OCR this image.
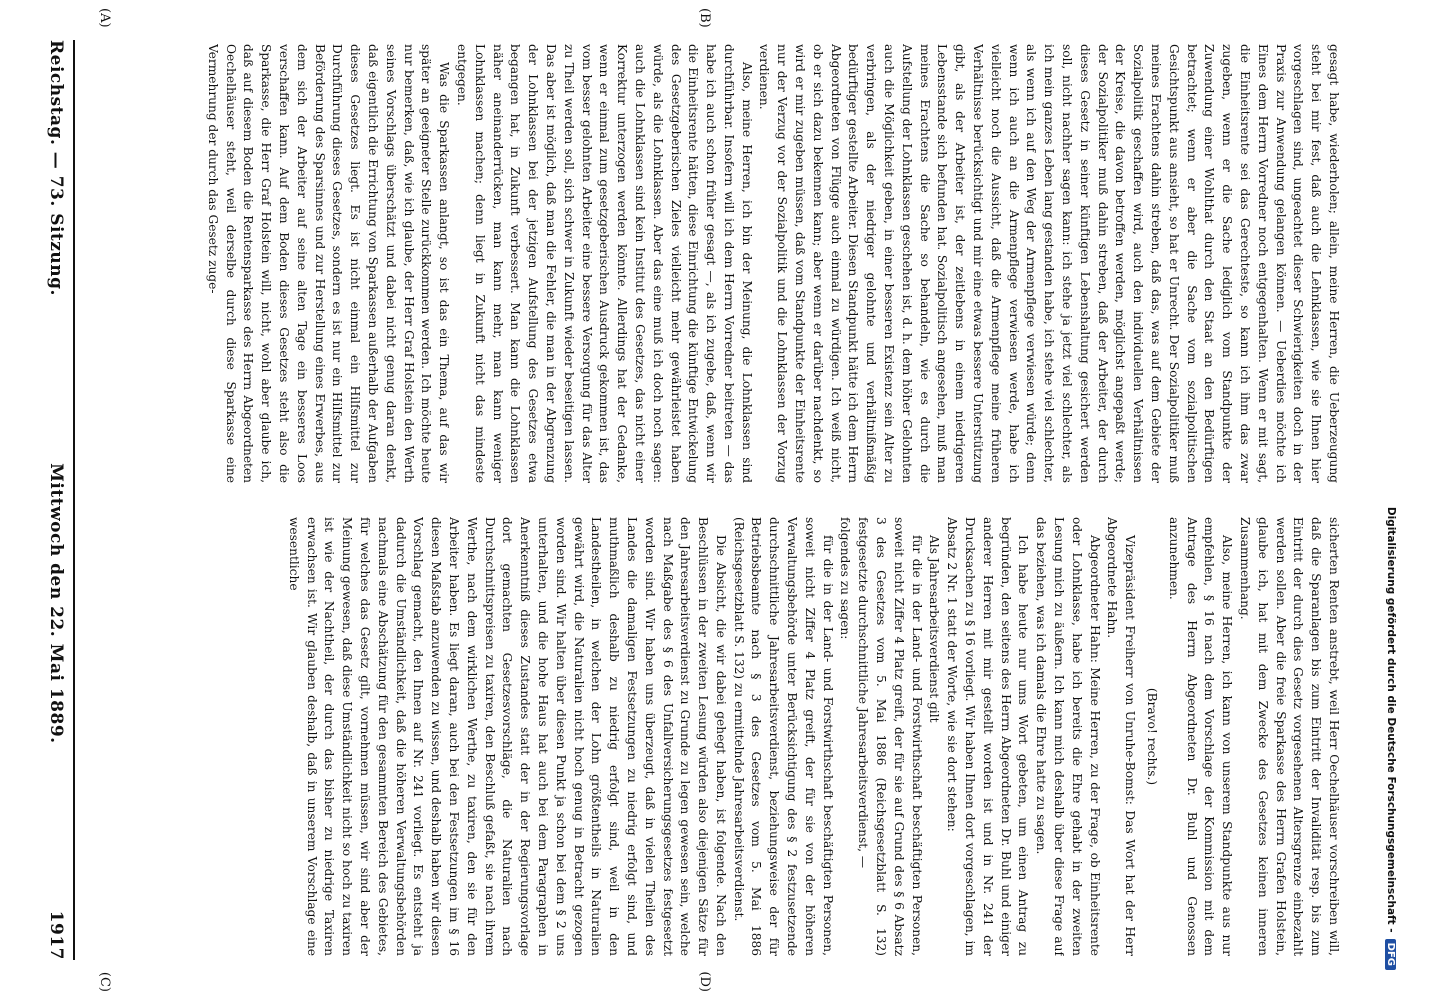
Digitalisierung gefördert durch die Deutsche Forschungsgemeinschaft -
DFG
Reichstag. — 73. Sitzung.
Mittwoch den 22. Mai 1889.
1917
(A)	(B)
(C)	(D)

gesagt habe, wiederholen; allein, meine Herren, die Ueberzeugung steht bei mir fest, daß auch die Lehnklassen, wie sie Ihnen hier vorgeschlagen sind, ungeachtet dieser Schwierigkeiten doch in der Praxis zur Anwendung gelangen können. — Ueberdies möchte ich Eines dem Herrn Vorredner noch entgegenhalten. Wenn er mit sagt, die Einheitsrente sei das Gerechteste, so kann ich ihm das zwar zugeben, wenn er die Sache lediglich vom Standpunkte der Zuwendung einer Wohlthat durch den Staat an den Bedürftigen betrachtet; wenn er aber die Sache vom sozialpolitischen Gesichtspunkt aus ansieht, so hat er Unrecht. Der Sozialpolitiker muß meines Erachtens dahin streben, daß das, was auf dem Gebiete der Sozialpolitik geschaffen wird, auch den individuellen Verhältnissen der Kreise, die davon betroffen werden, möglichst angepaßt werde; der Sozialpolitiker muß dahin streben, daß der Arbeiter, der durch dieses Gesetz in seiner künftigen Lebenshaltung gesichert werden soll, nicht nachher sagen kann: ich stehe ja jetzt viel schlechter, als ich mein ganzes Leben lang gestanden habe, ich stehe viel schlechter, als wenn ich auf den Weg der Armenpflege verwiesen würde; denn wenn ich auch an die Armenpflege verwiesen werde, habe ich vielleicht noch die Aussicht, daß die Armenpflege meine früheren Verhältnisse berücksichtigt und mir eine etwas bessere Unterstützung gibt, als der Arbeiter ist, der zeitlebens in einem niedrigeren Lebensstande sich befunden hat. Sozialpolitisch angesehen, muß man meines Erachtens die Sache so behandeln, wie es durch die Aufstellung der Lohnklassen geschehen ist, d. h. dem höher Gelohnten auch die Möglichkeit geben, in einer besseren Existenz sein Alter zu verbringen, als der niedriger gelohnte und verhältnißmäßig bedürftiger gestellte Arbeiter. Diesen Standpunkt hätte ich dem Herrn Abgeordneten von Flügge auch einmal zu würdigen. Ich weiß nicht, ob er sich dazu bekennen kann; aber wenn er darüber nachdenkt, so wird er mir zugeben müssen, daß vom Standpunkte der Einheitsrente nur der Verzug vor der Sozialpolitik und die Lohnklassen der Vorzug verdienen.

Also, meine Herren, ich bin der Meinung, die Lohnklassen sind durchführbar. Insofern will ich dem Herrn Vorredner beitreten — das habe ich auch schon früher gesagt —, als ich zugebe, daß, wenn wir die Einheitsrente hätten, diese Einrichtung die künftige Entwickelung des Gesetzgeberischen Zieles vielleicht mehr gewährleistet haben würde, als die Lohnklassen. Aber das eine muß ich doch noch sagen: auch die Lohnklassen sind kein Institut des Gesetzes, das nicht einer Korrektur unterzogen werden könnte. Allerdings hat der Gedanke, wenn er einmal zum gesetzgeberischen Ausdruck gekommen ist, das vom besser gelohnten Arbeiter eine bessere Versorgung für das Alter zu Theil werden soll, sich schwer in Zukunft wieder beseitigen lassen. Das aber ist möglich, daß man die Fehler, die man in der Abgrenzung der Lohnklassen bei der jetzigen Aufstellung des Gesetzes etwa begangen hat, in Zukunft verbessert. Man kann die Lohnklassen näher aneinanderrücken, man kann mehr, man kann weniger Lohnklassen machen; denn liegt in Zukunft nicht das mindeste entgegen.

Was die Sparkassen anlangt, so ist das ein Thema, auf das wir später an geeigneter Stelle zurückkommen werden. Ich möchte heute nur bemerken, daß, wie ich glaube, der Herr Graf Holstein den Werth seines Vorschlags überschätzt und dabei nicht genug daran denkt, daß eigentlich die Errichtung von Sparkassen außerhalb der Aufgaben dieses Gesetzes liegt. Es ist nicht einmal ein Hilfsmittel zur Durchführung dieses Gesetzes, sondern es ist nur ein Hilfsmittel zur Beförderung des Sparsinnes und zur Herstellung eines Erwerbes, aus dem sich der Arbeiter auf seine alten Tage ein besseres Loos verschaffen kann. Auf dem Boden dieses Gesetzes steht also die Sparkasse, die Herr Graf Holstein will, nicht, wohl aber glaube ich, daß auf diesem Boden die Rentensparkasse des Herrn Abgeordneten Oechelhäuser steht, weil derselbe durch diese Sparkasse eine Vermehrung der durch das Gesetz zuge-

sicherten Renten anstrebt, weil Herr Oechelhäuser vorschreiben will, daß die Sparanlagen bis zum Eintritt der Invalidität resp. bis zum Eintritt der durch dies Gesetz vorgesehenen Altersgrenze einbezahlt werden sollen. Aber die freie Sparkasse des Herrn Grafen Holstein, glaube ich, hat mit dem Zwecke des Gesetzes keinen inneren Zusammenhang.

Also, meine Herren, ich kann von unserem Standpunkte aus nur empfehlen, § 16 nach dem Vorschlage der Kommission mit dem Antrage des Herrn Abgeordneten Dr. Buhl und Genossen anzunehmen.

(Bravo! rechts.)

Vizepräsident Freiherr von Unruhe-Bomst: Das Wort hat der Herr Abgeordnete Hahn.

Abgeordneter Hahn: Meine Herren, zu der Frage, ob Einheitsrente oder Lohnklasse, habe ich bereits die Ehre gehabt in der zweiten Lesung mich zu äußern. Ich kann mich deshalb über diese Frage auf das beziehen, was ich damals die Ehre hatte zu sagen.

Ich habe heute nur ums Wort gebeten, um einen Antrag zu begründen, den seitens des Herrn Abgeordneten Dr. Buhl und einiger anderer Herren mit mir gestellt worden ist und in Nr. 241 der Drucksachen zu § 16 vorliegt. Wir haben Ihnen dort vorgeschlagen, im Absatz 2 Nr. 1 statt der Worte, wie sie dort stehen:

Als Jahresarbeitsverdienst gilt

für die in der Land- und Forstwirthschaft beschäftigten Personen, soweit nicht Ziffer 4 Platz greift, der für sie auf Grund des § 6 Absatz 3 des Gesetzes vom 5. Mai 1886 (Reichsgesetzblatt S. 132) festgesetzte durchschnittliche Jahresarbeitsverdienst, —

folgendes zu sagen:

für die in der Land- und Forstwirthschaft beschäftigten Personen, soweit nicht Ziffer 4 Platz greift, der für sie von der höheren Verwaltungsbehörde unter Berücksichtigung des § 2 festzusetzende durchschnittliche Jahresarbeitsverdienst, beziehungsweise der für Betriebsbeamte nach § 3 des Gesetzes vom 5. Mai 1886 (Reichsgesetzblatt S. 132) zu ermittelnde Jahresarbeitsverdienst.

Die Absicht, die wir dabei gehegt haben, ist folgende. Nach den Beschlüssen in der zweiten Lesung würden also diejenigen Sätze für den Jahresarbeitsverdienst zu Grunde zu legen gewesen sein, welche nach Maßgabe des § 6 des Unfallversicherungsgesetzes festgesetzt worden sind. Wir haben uns überzeugt, daß in vielen Theilen des Landes die damaligen Festsetzungen zu niedrig erfolgt sind, und muthmaßlich deshalb zu niedrig erfolgt sind, weil in den Landestheilen, in welchen der Lohn größtentheils in Naturalien gewährt wird, die Naturalien nicht hoch genug in Betracht gezogen worden sind. Wir halten über diesen Punkt ja schon bei dem § 2 uns unterhalten, und die hohe Haus hat auch bei dem Paragraphen in Anerkenntniß dieses Zustandes statt der in der Regierungsvorlage dort gemachten Gesetzesvorschläge, die Naturalien nach Durchschnittspreisen zu taxiren, den Beschluß gefaßt, sie nach ihrem Werthe, nach dem wirklichen Werthe, zu taxiren, den sie für den Arbeiter haben. Es liegt daran, auch bei den Festsetzungen im § 16 diesen Maßstab anzuwenden zu wissen, und deshalb haben wir diesen Vorschlag gemacht, den Ihnen auf Nr. 241 vorliegt. Es entsteht ja dadurch die Umständlichkeit, daß die höheren Verwaltungsbehörden nachmals eine Abschätzung für den gesammten Bereich des Gebietes, für welches das Gesetz gilt, vornehmen müssen, wir sind aber der Meinung gewesen, daß diese Umständlichkeit nicht so hoch zu taxiren ist wie der Nachtheil, der durch das bisher zu niedrige Taxiren erwachsen ist. Wir glauben deshalb, daß in unserem Vorschlage eine wesentliche
